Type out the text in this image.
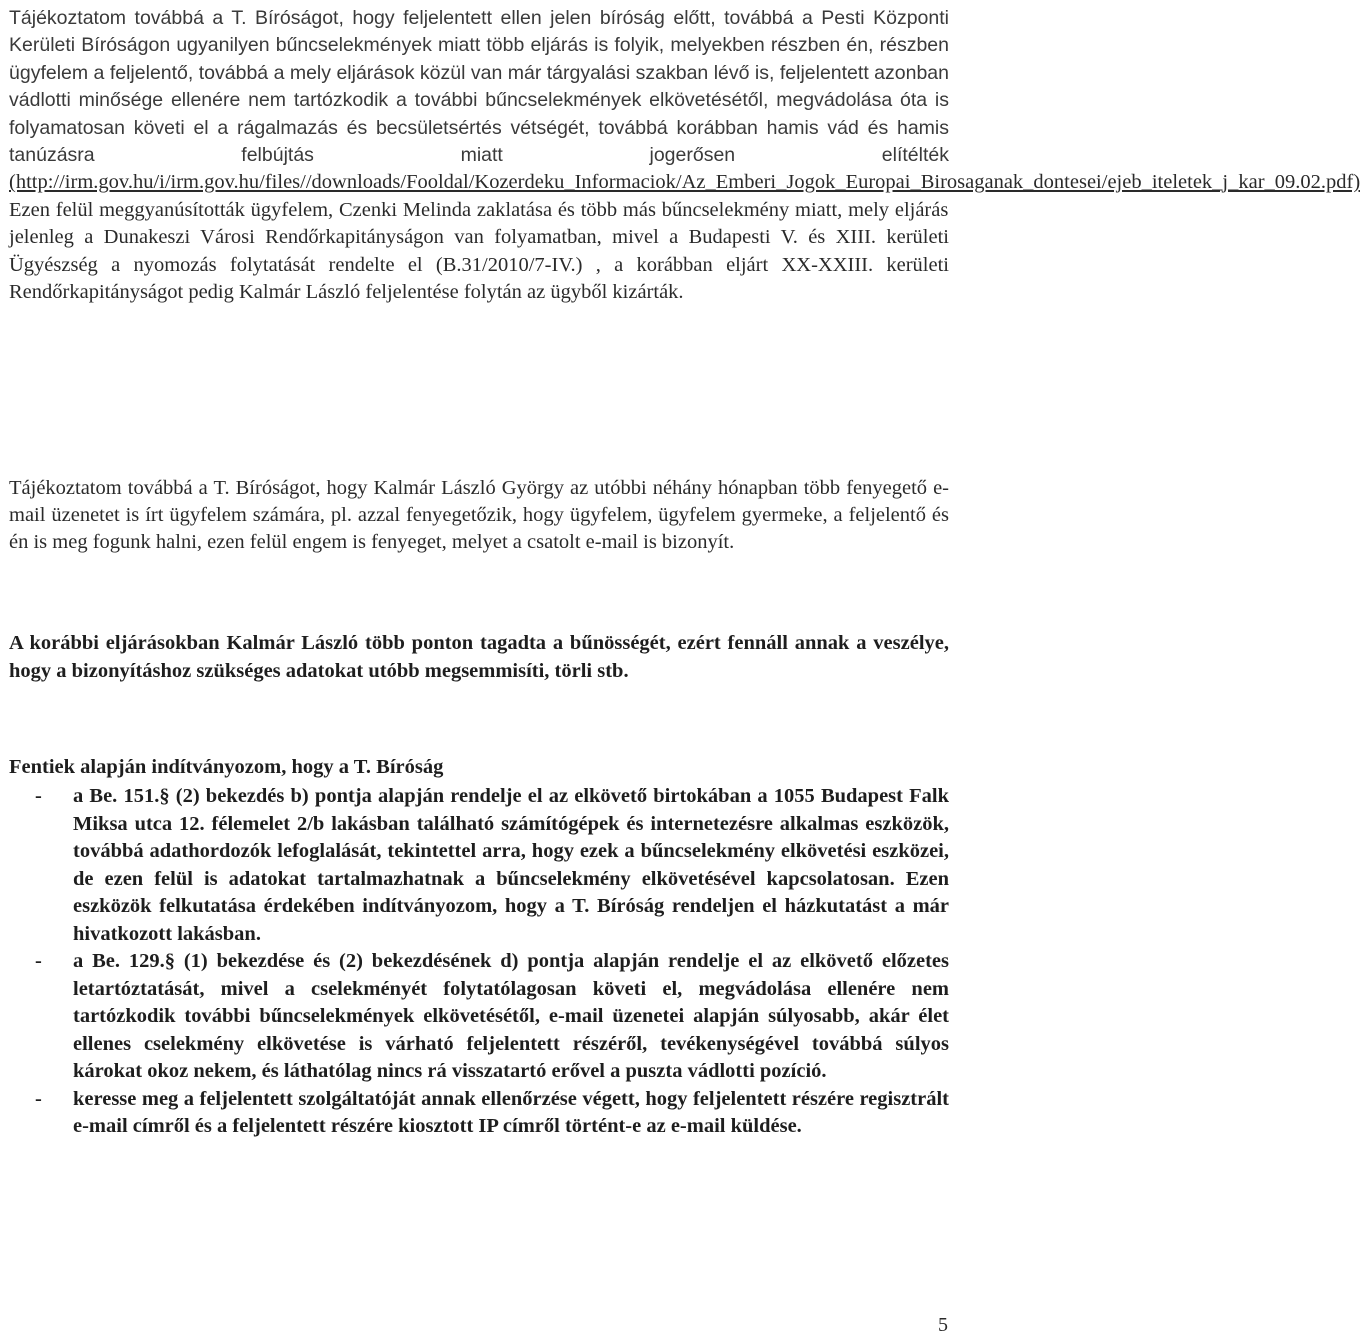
Tájékoztatom továbbá a T. Bíróságot, hogy feljelentett ellen jelen bíróság előtt, továbbá a Pesti Központi Kerületi Bíróságon ugyanilyen bűncselekmények miatt több eljárás is folyik, melyekben részben én, részben ügyfelem a feljelentő, továbbá a mely eljárások közül van már tárgyalási szakban lévő is, feljelentett azonban vádlotti minősége ellenére nem tartózkodik a további bűncselekmények elkövetésétől, megvádolása óta is folyamatosan követi el a rágalmazás és becsületsértés vétségét, továbbá korábban hamis vád és hamis tanúzásra felbújtás miatt jogerősen elítélték (http://irm.gov.hu/i/irm.gov.hu/files//downloads/Fooldal/Kozerdeku_Informaciok/Az_Emberi_Jogok_Europai_Birosaganak_dontesei/ejeb_iteletek_j_kar_09.02.pdf) Ezen felül meggyanúsították ügyfelem, Czenki Melinda zaklatása és több más bűncselekmény miatt, mely eljárás jelenleg a Dunakeszi Városi Rendőrkapitányságon van folyamatban, mivel a Budapesti V. és XIII. kerületi Ügyészség a nyomozás folytatását rendelte el (B.31/2010/7-IV.) , a korábban eljárt XX-XXIII. kerületi Rendőrkapitányságot pedig Kalmár László feljelentése folytán az ügyből kizárták.

Tájékoztatom továbbá a T. Bíróságot, hogy Kalmár László György az utóbbi néhány hónapban több fenyegető e-mail üzenetet is írt ügyfelem számára, pl. azzal fenyegetőzik, hogy ügyfelem, ügyfelem gyermeke, a feljelentő és én is meg fogunk halni, ezen felül engem is fenyeget, melyet a csatolt e-mail is bizonyít.

A korábbi eljárásokban Kalmár László több ponton tagadta a bűnösségét, ezért fennáll annak a veszélye, hogy a bizonyításhoz szükséges adatokat utóbb megsemmisíti, törli stb.

Fentiek alapján indítványozom, hogy a T. Bíróság

- a Be. 151.§ (2) bekezdés b) pontja alapján rendelje el az elkövető birtokában a 1055 Budapest Falk Miksa utca 12. félemelet 2/b lakásban található számítógépek és internetezésre alkalmas eszközök, továbbá adathordozók lefoglalását, tekintettel arra, hogy ezek a bűncselekmény elkövetési eszközei, de ezen felül is adatokat tartalmazhatnak a bűncselekmény elkövetésével kapcsolatosan. Ezen eszközök felkutatása érdekében indítványozom, hogy a T. Bíróság rendeljen el házkutatást a már hivatkozott lakásban.
- a Be. 129.§ (1) bekezdése és (2) bekezdésének d) pontja alapján rendelje el az elkövető előzetes letartóztatását, mivel a cselekményét folytatólagosan követi el, megvádolása ellenére nem tartózkodik további bűncselekmények elkövetésétől, e-mail üzenetei alapján súlyosabb, akár élet ellenes cselekmény elkövetése is várható feljelentett részéről, tevékenységével továbbá súlyos károkat okoz nekem, és láthatólag nincs rá visszatartó erővel a puszta vádlotti pozíció.
- keresse meg a feljelentett szolgáltatóját annak ellenőrzése végett, hogy feljelentett részére regisztrált e-mail címről és a feljelentett részére kiosztott IP címről történt-e az e-mail küldése.
5
